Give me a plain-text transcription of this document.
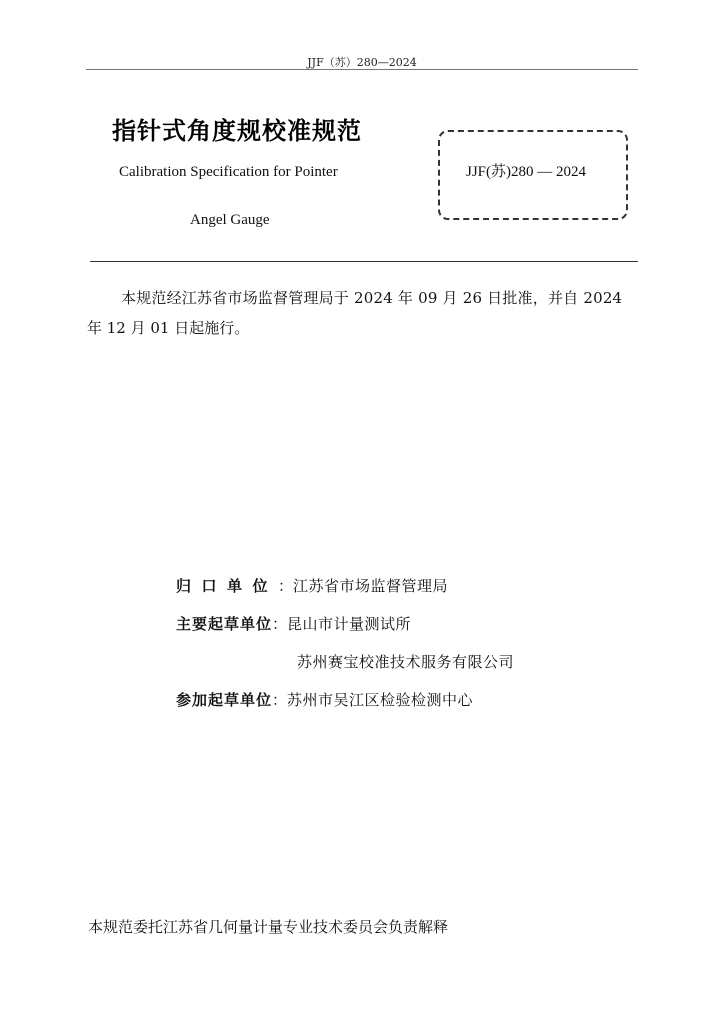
JJF（苏）280—2024
指针式角度规校准规范
Calibration Specification for Pointer
Angel Gauge
JJF(苏)280 — 2024
本规范经江苏省市场监督管理局于 2024 年 09 月 26 日批准，并自 2024
年 12 月 01 日起施行。
归口单位：江苏省市场监督管理局
主要起草单位：昆山市计量测试所
苏州赛宝校准技术服务有限公司
参加起草单位：苏州市吴江区检验检测中心
本规范委托江苏省几何量计量专业技术委员会负责解释
